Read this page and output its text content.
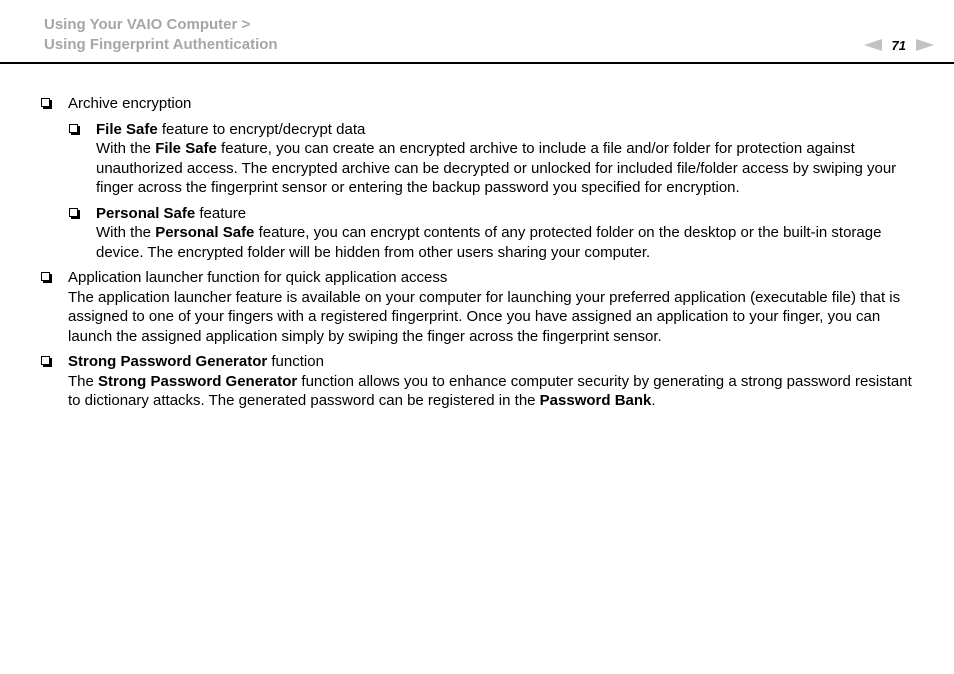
Using Your VAIO Computer >
Using Fingerprint Authentication	71
Archive encryption
File Safe feature to encrypt/decrypt data
With the File Safe feature, you can create an encrypted archive to include a file and/or folder for protection against unauthorized access. The encrypted archive can be decrypted or unlocked for included file/folder access by swiping your finger across the fingerprint sensor or entering the backup password you specified for encryption.
Personal Safe feature
With the Personal Safe feature, you can encrypt contents of any protected folder on the desktop or the built-in storage device. The encrypted folder will be hidden from other users sharing your computer.
Application launcher function for quick application access
The application launcher feature is available on your computer for launching your preferred application (executable file) that is assigned to one of your fingers with a registered fingerprint. Once you have assigned an application to your finger, you can launch the assigned application simply by swiping the finger across the fingerprint sensor.
Strong Password Generator function
The Strong Password Generator function allows you to enhance computer security by generating a strong password resistant to dictionary attacks. The generated password can be registered in the Password Bank.
